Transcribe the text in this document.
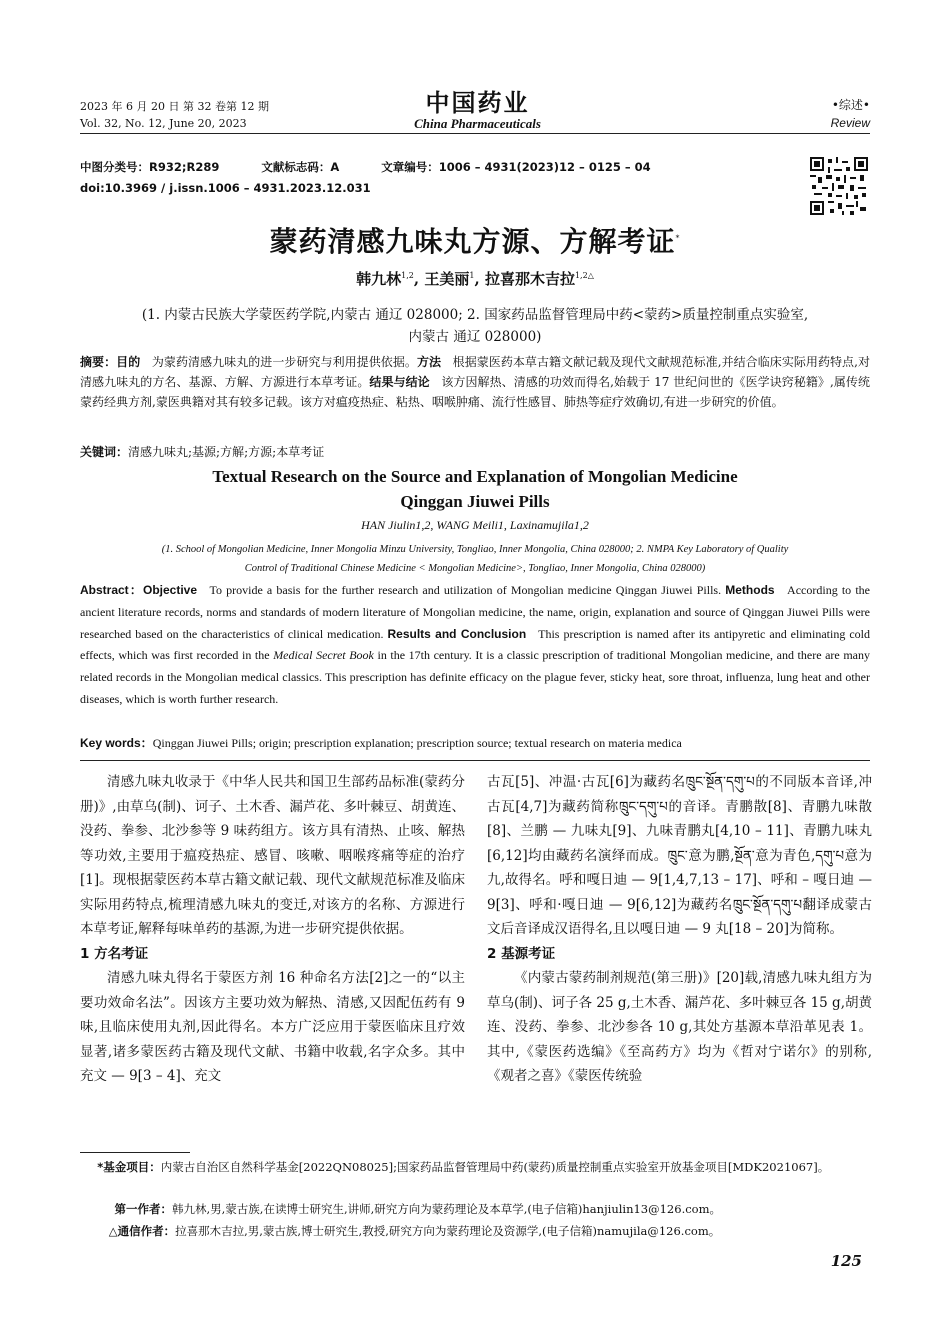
2023 年 6 月 20 日 第 32 卷第 12 期
Vol. 32, No. 12, June 20, 2023
中国药业
China Pharmaceuticals
•综述•
Review
中图分类号：R932;R289	文献标志码：A	文章编号：1006 – 4931(2023)12 – 0125 – 04
doi:10.3969 / j.issn.1006 – 4931.2023.12.031
蒙药清感九味丸方源、方解考证*
韩九林$^{1,2}$, 王美丽$^1$, 拉喜那木吉拉$^{1,2\triangle}$
(1. 内蒙古民族大学蒙医药学院,内蒙古 通辽 028000; 2. 国家药品监督管理局中药<蒙药>质量控制重点实验室,
内蒙古 通辽 028000)
摘要：目的 为蒙药清感九味丸的进一步研究与利用提供依据。方法 根据蒙医药本草古籍文献记载及现代文献规范标准,并结合临床实际用药特点,对清感九味丸的方名、基源、方解、方源进行本草考证。结果与结论 该方因解热、清感的功效而得名,始载于 17 世纪问世的《医学诀窍秘籍》,属传统蒙药经典方剂,蒙医典籍对其有较多记载。该方对瘟疫热症、粘热、咽喉肿痛、流行性感冒、肺热等症疗效确切,有进一步研究的价值。
关键词：清感九味丸;基源;方解;方源;本草考证
Textual Research on the Source and Explanation of Mongolian Medicine
Qinggan Jiuwei Pills
HAN Jiulin1,2, WANG Meili1, Laxinamujila1,2
(1. School of Mongolian Medicine, Inner Mongolia Minzu University, Tongliao, Inner Mongolia, China 028000; 2. NMPA Key Laboratory of Quality
Control of Traditional Chinese Medicine < Mongolian Medicine>, Tongliao, Inner Mongolia, China 028000)
Abstract：Objective To provide a basis for the further research and utilization of Mongolian medicine Qinggan Jiuwei Pills. Methods According to the ancient literature records, norms and standards of modern literature of Mongolian medicine, the name, origin, explanation and source of Qinggan Jiuwei Pills were researched based on the characteristics of clinical medication. Results and Conclusion This prescription is named after its antipyretic and eliminating cold effects, which was first recorded in the Medical Secret Book in the 17th century. It is a classic prescription of traditional Mongolian medicine, and there are many related records in the Mongolian medical classics. This prescription has definite efficacy on the plague fever, sticky heat, sore throat, influenza, lung heat and other diseases, which is worth further research.
Key words：Qinggan Jiuwei Pills; origin; prescription explanation; prescription source; textual research on materia medica

清感九味丸收录于《中华人民共和国卫生部药品标准(蒙药分册)》,由草乌(制)、诃子、土木香、漏芦花、多叶棘豆、胡黄连、没药、拳参、北沙参等 9 味药组方。该方具有清热、止咳、解热等功效,主要用于瘟疫热症、感冒、咳嗽、咽喉疼痛等症的治疗[1]。现根据蒙医药本草古籍文献记载、现代文献规范标准及临床实际用药特点,梳理清感九味丸的变迁,对该方的名称、方源进行本草考证,解释每味单药的基源,为进一步研究提供依据。

1 方名考证

清感九味丸得名于蒙医方剂 16 种命名方法[2]之一的“以主要功效命名法”。因该方主要功效为解热、清感,又因配伍药有 9 味,且临床使用丸剂,因此得名。本方广泛应用于蒙医临床且疗效显著,诸多蒙医药古籍及现代文献、书籍中收载,名字众多。其中充文 — 9[3 – 4]、充文

古瓦[5]、冲温·古瓦[6]为藏药名ཁྲུང་སྔོན་དགུ་པ的不同版本音译,冲古瓦[4,7]为藏药简称ཁྲུང་དགུ་པ的音译。青鹏散[8]、青鹏九味散[8]、兰鹏 — 九味丸[9]、九味青鹏丸[4,10 – 11]、青鹏九味丸[6,12]均由藏药名演绎而成。ཁྲུང་意为鹏,སྔོན་意为青色,དགུ་པ意为九,故得名。呼和嘎日迪 — 9[1,4,7,13 – 17]、呼和 – 嘎日迪 — 9[3]、呼和·嘎日迪 — 9[6,12]为藏药名ཁྲུང་སྔོན་དགུ་པ翻译成蒙古文后音译成汉语得名,且以嘎日迪 — 9 丸[18 – 20]为简称。

2 基源考证

《内蒙古蒙药制剂规范(第三册)》[20]载,清感九味丸组方为草乌(制)、诃子各 25 g,土木香、漏芦花、多叶棘豆各 15 g,胡黄连、没药、拳参、北沙参各 10 g,其处方基源本草沿革见表 1。其中,《蒙医药选编》《至高药方》均为《哲对宁诺尔》的别称,《观者之喜》《蒙医传统验

*基金项目：内蒙古自治区自然科学基金[2022QN08025];国家药品监督管理局中药(蒙药)质量控制重点实验室开放基金项目[MDK2021067]。
第一作者：韩九林,男,蒙古族,在读博士研究生,讲师,研究方向为蒙药理论及本草学,(电子信箱)hanjiulin13@126.com。
△通信作者：拉喜那木吉拉,男,蒙古族,博士研究生,教授,研究方向为蒙药理论及资源学,(电子信箱)namujila@126.com。
125
